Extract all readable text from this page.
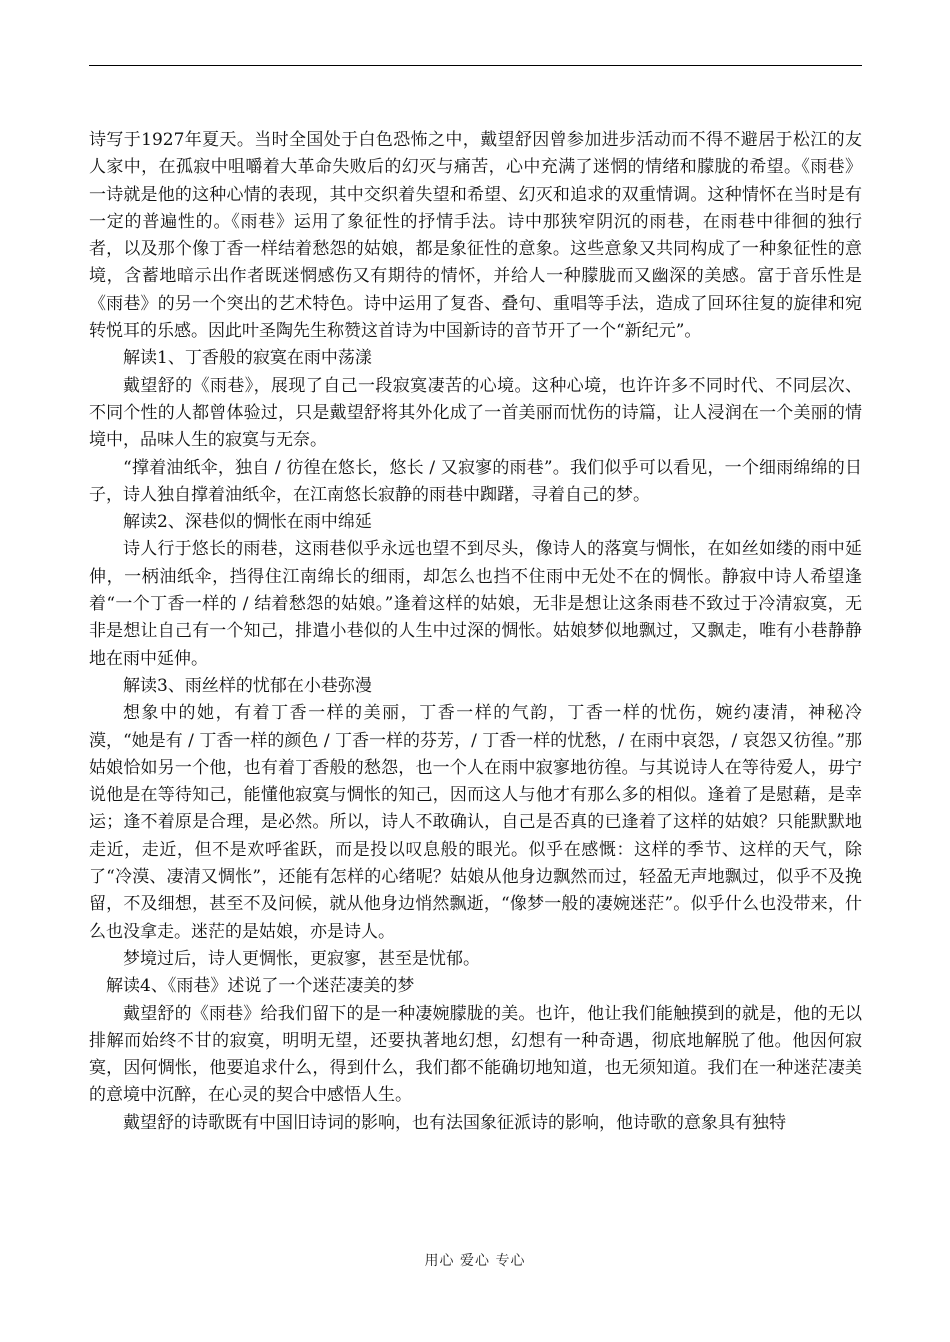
诗写于1927年夏天。当时全国处于白色恐怖之中，戴望舒因曾参加进步活动而不得不避居于松江的友人家中，在孤寂中咀嚼着大革命失败后的幻灭与痛苦，心中充满了迷惘的情绪和朦胧的希望。《雨巷》一诗就是他的这种心情的表现，其中交织着失望和希望、幻灭和追求的双重情调。这种情怀在当时是有一定的普遍性的。《雨巷》运用了象征性的抒情手法。诗中那狭窄阴沉的雨巷，在雨巷中徘徊的独行者，以及那个像丁香一样结着愁怨的姑娘，都是象征性的意象。这些意象又共同构成了一种象征性的意境，含蓄地暗示出作者既迷惘感伤又有期待的情怀，并给人一种朦胧而又幽深的美感。富于音乐性是《雨巷》的另一个突出的艺术特色。诗中运用了复沓、叠句、重唱等手法，造成了回环往复的旋律和宛转悦耳的乐感。因此叶圣陶先生称赞这首诗为中国新诗的音节开了一个“新纪元”。

解读1、丁香般的寂寞在雨中荡漾

戴望舒的《雨巷》，展现了自己一段寂寞凄苦的心境。这种心境，也许许多不同时代、不同层次、不同个性的人都曾体验过，只是戴望舒将其外化成了一首美丽而忧伤的诗篇，让人浸润在一个美丽的情境中，品味人生的寂寞与无奈。

“撑着油纸伞，独自 / 彷徨在悠长，悠长 / 又寂寥的雨巷”。我们似乎可以看见，一个细雨绵绵的日子，诗人独自撑着油纸伞，在江南悠长寂静的雨巷中踟躇，寻着自己的梦。

解读2、深巷似的惆怅在雨中绵延

诗人行于悠长的雨巷，这雨巷似乎永远也望不到尽头，像诗人的落寞与惆怅，在如丝如缕的雨中延伸，一柄油纸伞，挡得住江南绵长的细雨，却怎么也挡不住雨中无处不在的惆怅。静寂中诗人希望逢着“一个丁香一样的 / 结着愁怨的姑娘。”逢着这样的姑娘，无非是想让这条雨巷不致过于冷清寂寞，无非是想让自己有一个知己，排遣小巷似的人生中过深的惆怅。姑娘梦似地飘过，又飘走，唯有小巷静静地在雨中延伸。

解读3、雨丝样的忧郁在小巷弥漫

想象中的她，有着丁香一样的美丽，丁香一样的气韵，丁香一样的忧伤，婉约凄清，神秘冷漠，“她是有 / 丁香一样的颜色 / 丁香一样的芬芳，/ 丁香一样的忧愁，/ 在雨中哀怨，/ 哀怨又彷徨。”那姑娘恰如另一个他，也有着丁香般的愁怨，也一个人在雨中寂寥地彷徨。与其说诗人在等待爱人，毋宁说他是在等待知己，能懂他寂寞与惆怅的知己，因而这人与他才有那么多的相似。逢着了是慰藉，是幸运；逢不着原是合理，是必然。所以，诗人不敢确认，自己是否真的已逢着了这样的姑娘？只能默默地走近，走近，但不是欢呼雀跃，而是投以叹息般的眼光。似乎在感慨：这样的季节、这样的天气，除了“冷漠、凄清又惆怅”，还能有怎样的心绪呢？姑娘从他身边飘然而过，轻盈无声地飘过，似乎不及挽留，不及细想，甚至不及问候，就从他身边悄然飘逝，“像梦一般的凄婉迷茫”。似乎什么也没带来，什么也没拿走。迷茫的是姑娘，亦是诗人。

梦境过后，诗人更惆怅，更寂寥，甚至是忧郁。

解读4、《雨巷》述说了一个迷茫凄美的梦

戴望舒的《雨巷》给我们留下的是一种凄婉朦胧的美。也许，他让我们能触摸到的就是，他的无以排解而始终不甘的寂寞，明明无望，还要执著地幻想，幻想有一种奇遇，彻底地解脱了他。他因何寂寞，因何惆怅，他要追求什么，得到什么，我们都不能确切地知道，也无须知道。我们在一种迷茫凄美的意境中沉醉，在心灵的契合中感悟人生。

戴望舒的诗歌既有中国旧诗词的影响，也有法国象征派诗的影响，他诗歌的意象具有独特

用心 爱心 专心
